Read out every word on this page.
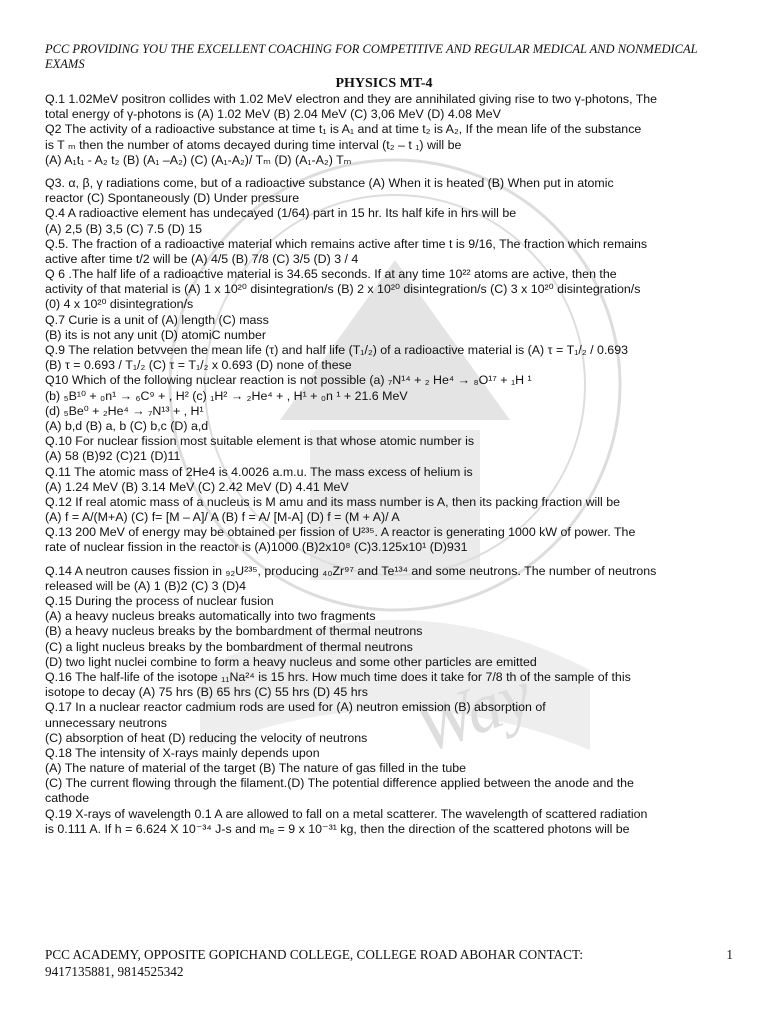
Way
PCC PROVIDING YOU THE EXCELLENT COACHING FOR COMPETITIVE AND REGULAR MEDICAL AND NONMEDICAL EXAMS
PHYSICS MT-4
Q.1 1.02MeV positron collides with 1.02 MeV electron and they are annihilated giving rise to two γ-photons, The
total energy of γ-photons is (A) 1.02 MeV (B) 2.04 MeV (C) 3,06 MeV (D) 4.08 MeV
Q2 The activity of a radioactive substance at time t₁ is A₁ and at time t₂ is A₂, If the mean life of the substance
is T ₘ then the number of atoms decayed during time interval (t₂ – t ₁) will be
(A) A₁t₁ - A₂ t₂ (B) (A₁ –A₂) (C) (A₁-A₂)/ Tₘ (D) (A₁-A₂) Tₘ
Q3. α, β, γ radiations come, but of a radioactive substance (A) When it is heated (B) When put in atomic
reactor (C) Spontaneously (D) Under pressure
Q.4 A radioactive element has undecayed (1/64) part in 15 hr. Its half kife in hrs will be
(A) 2,5 (B) 3,5 (C) 7.5 (D) 15
Q.5. The fraction of a radioactive material which remains active after time t is 9/16, The fraction which remains
active after time t/2 will be (A) 4/5 (B) 7/8 (C) 3/5 (D) 3 / 4
Q 6 .The half life of a radioactive material is 34.65 seconds. If at any time 10²² atoms are active, then the
activity of that material is (A) 1 x 10²⁰ disintegration/s (B) 2 x 10²⁰ disintegration/s (C) 3 x 10²⁰ disintegration/s
(0) 4 x 10²⁰ disintegration/s
Q.7 Curie is a unit of (A) length (C) mass
(B) its is not any unit (D) atomiC number
Q.9 The relation betvveen the mean life (τ) and half life (T₁/₂) of a radioactive material is (A) τ = T₁/₂ / 0.693
(B) τ = 0.693 / T₁/₂ (C) τ = T₁/₂ x 0.693 (D) none of these
Q10 Which of the following nuclear reaction is not possible (a) ₇N¹⁴ + ₂ He⁴ → ₈O¹⁷ + ₁H ¹
(b) ₅B¹⁰ + ₀n¹ → ₆C⁹ + , H² (c) ₁H² → ₂He⁴ + , H¹ + ₀n ¹ + 21.6 MeV
(d) ₅Be⁰ + ₂He⁴ → ₇N¹³ + , H¹
(A) b,d (B) a, b (C) b,c (D) a,d
Q.10 For nuclear fission most suitable element is that whose atomic number is
(A) 58 (B)92 (C)21 (D)11
Q.11 The atomic mass of 2He4 is 4.0026 a.m.u. The mass excess of helium is
(A) 1.24 MeV (B) 3.14 MeV (C) 2.42 MeV (D) 4.41 MeV
Q.12 If real atomic mass of a nucleus is M amu and its mass number is A, then its packing fraction will be
(A) f = A/(M+A) (C) f= [M – A]/ A (B) f = A/ [M-A] (D) f = (M + A)/ A
Q.13 200 MeV of energy may be obtained per fission of U²³⁵. A reactor is generating 1000 kW of power. The
rate of nuclear fission in the reactor is (A)1000 (B)2x10⁸ (C)3.125x10¹ (D)931
Q.14 A neutron causes fission in ₉₂U²³⁵, producing ₄₀Zr⁹⁷ and Te¹³⁴ and some neutrons. The number of neutrons
released will be (A) 1 (B)2 (C) 3 (D)4
Q.15 During the process of nuclear fusion
(A) a heavy nucleus breaks automatically into two fragments
(B) a heavy nucleus breaks by the bombardment of thermal neutrons
(C) a light nucleus breaks by the bombardment of thermal neutrons
(D) two light nuclei combine to form a heavy nucleus and some other particles are emitted
Q.16 The half-life of the isotope ₁₁Na²⁴ is 15 hrs. How much time does it take for 7/8 th of the sample of this
isotope to decay (A) 75 hrs (B) 65 hrs (C) 55 hrs (D) 45 hrs
Q.17 In a nuclear reactor cadmium rods are used for (A) neutron emission (B) absorption of
unnecessary neutrons
(C) absorption of heat (D) reducing the velocity of neutrons
Q.18 The intensity of X-rays mainly depends upon
(A) The nature of material of the target (B) The nature of gas filled in the tube
(C) The current flowing through the filament.(D) The potential difference applied between the anode and the
cathode
Q.19 X-rays of wavelength 0.1 A are allowed to fall on a metal scatterer. The wavelength of scattered radiation
is 0.111 A. If h = 6.624 X 10⁻³⁴ J-s and mₑ = 9 x 10⁻³¹ kg, then the direction of the scattered photons will be
PCC ACADEMY, OPPOSITE GOPICHAND COLLEGE, COLLEGE ROAD ABOHAR CONTACT:
9417135881, 9814525342
1
